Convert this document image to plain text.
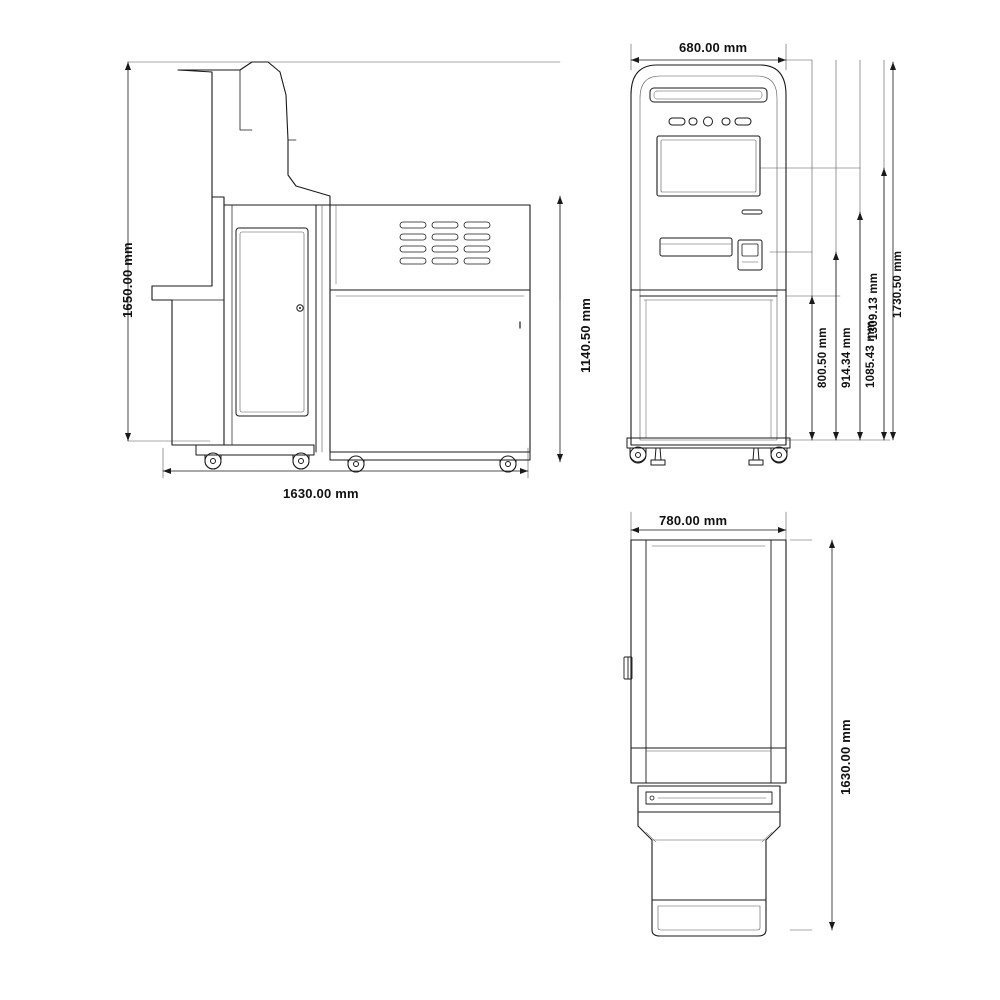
1650.00 mm
1140.50 mm
1630.00 mm
680.00 mm
800.50 mm 914.34 mm 1085.43 mm
1309.13 mm 1730.50 mm
780.00 mm
1630.00 mm
